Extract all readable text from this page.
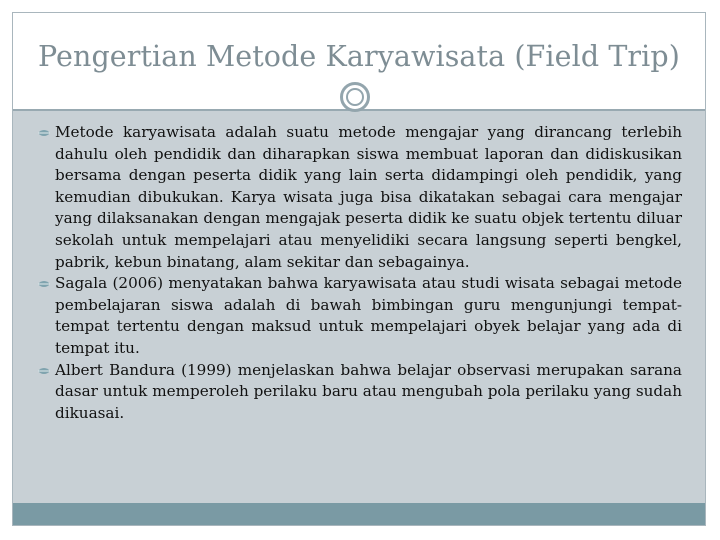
Pengertian Metode Karyawisata (Field Trip)
Metode karyawisata adalah suatu metode mengajar yang dirancang terlebih dahulu oleh pendidik dan diharapkan siswa membuat laporan dan didiskusikan bersama dengan peserta didik yang lain serta didampingi oleh pendidik, yang kemudian dibukukan. Karya wisata juga bisa dikatakan sebagai cara mengajar yang dilaksanakan dengan mengajak peserta didik ke suatu objek tertentu diluar sekolah untuk mempelajari atau menyelidiki secara langsung seperti bengkel, pabrik, kebun binatang, alam sekitar dan sebagainya.
Sagala (2006) menyatakan bahwa karyawisata atau studi wisata sebagai metode pembelajaran siswa adalah di bawah bimbingan guru mengunjungi tempat-tempat tertentu dengan maksud untuk mempelajari obyek belajar yang ada di tempat itu.
Albert Bandura (1999) menjelaskan bahwa belajar observasi merupakan sarana dasar untuk memperoleh perilaku baru atau mengubah pola perilaku yang sudah dikuasai.
